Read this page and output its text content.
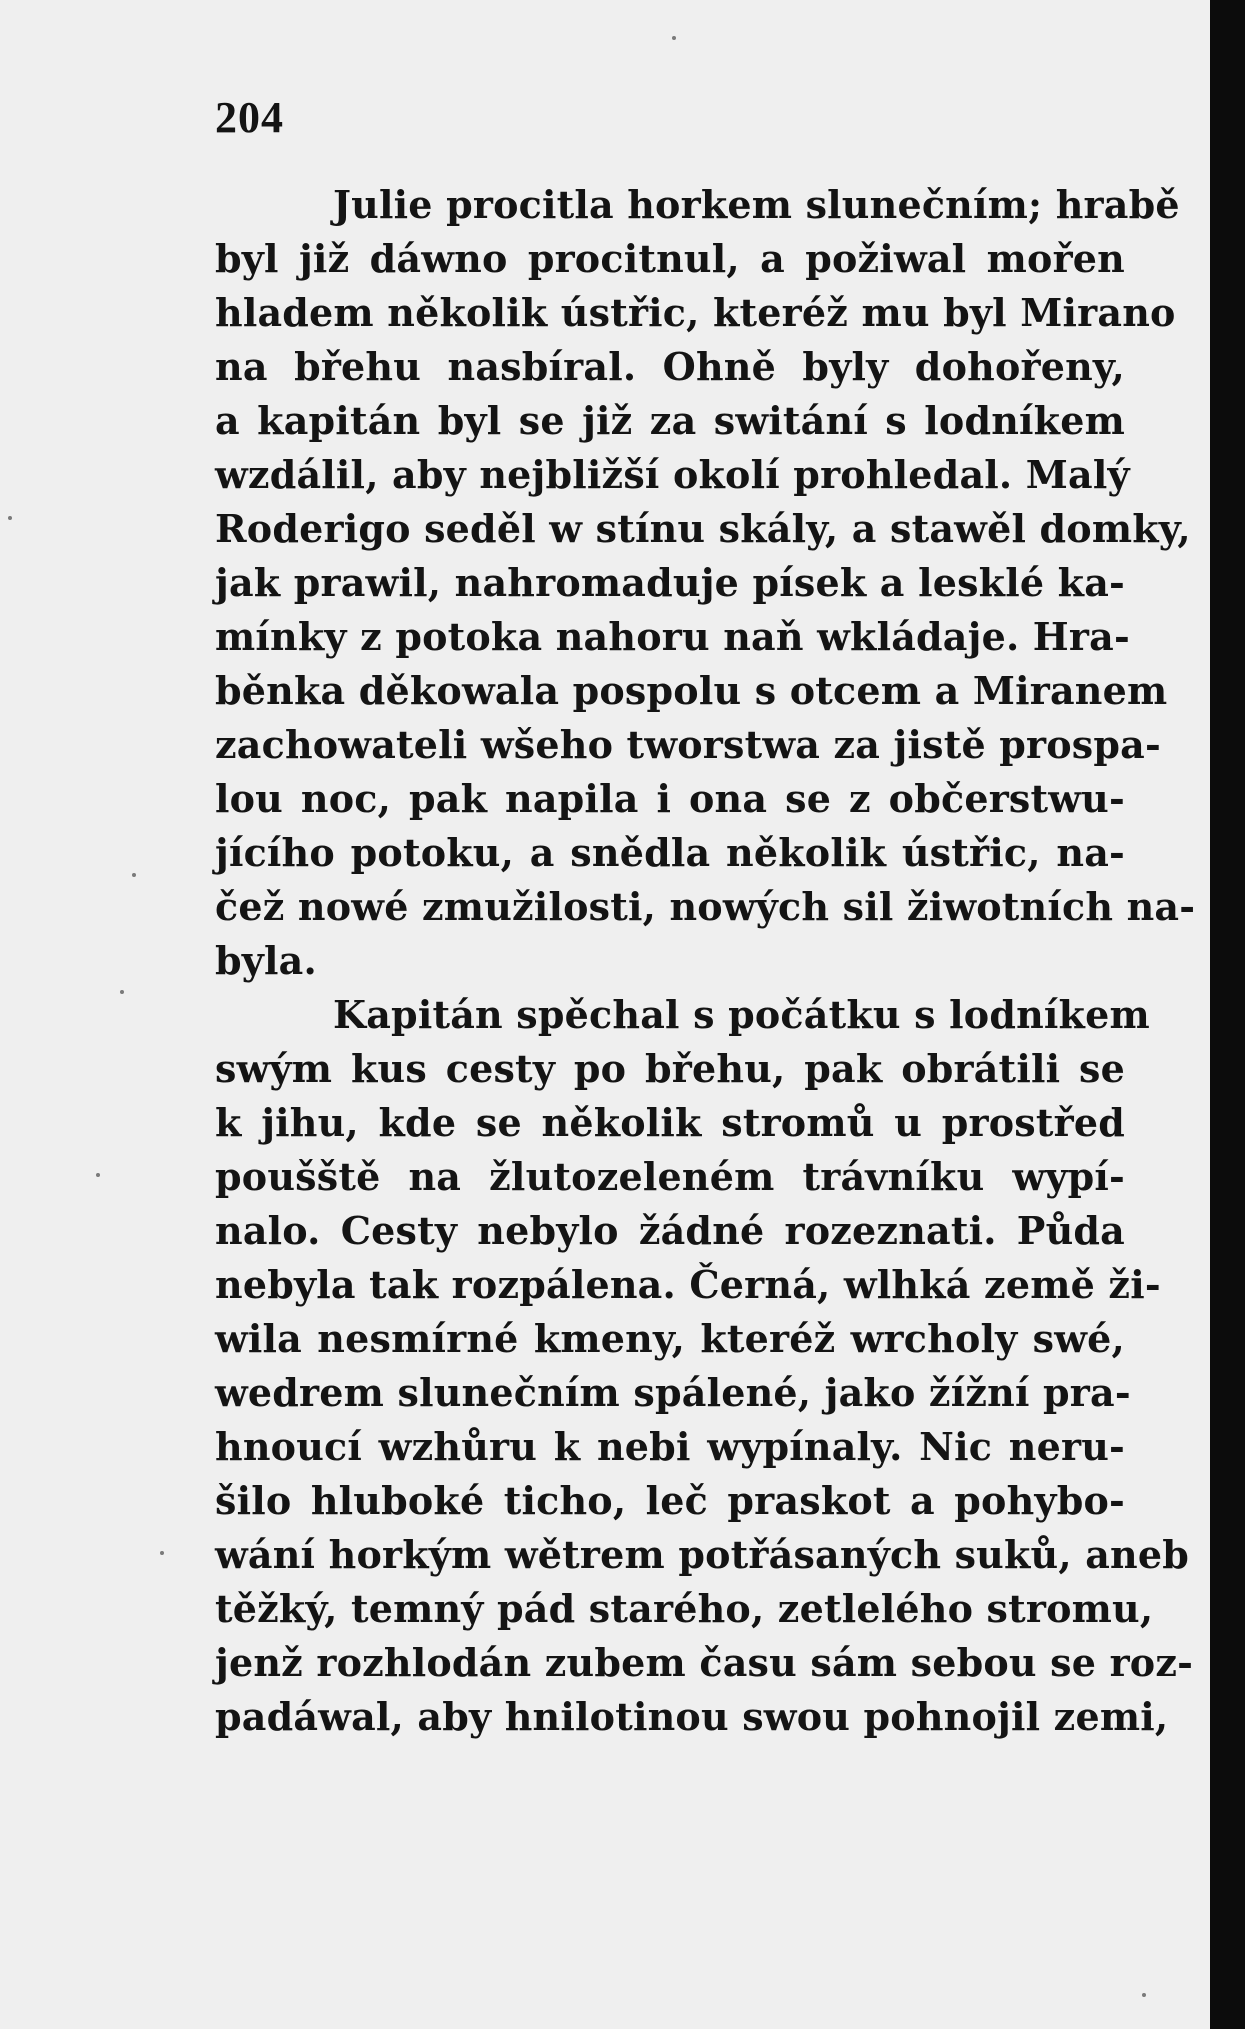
204
Julie procitla horkem slunečním; hrabě
byl již dáwno procitnul, a požiwal mořen
hladem několik ústřic, kteréž mu byl Mirano
na břehu nasbíral. Ohně byly dohořeny,
a kapitán byl se již za switání s lodníkem
wzdálil, aby nejbližší okolí prohledal. Malý
Roderigo seděl w stínu skály, a stawěl domky,
jak prawil, nahromaduje písek a lesklé ka-
mínky z potoka nahoru naň wkládaje. Hra-
běnka děkowala pospolu s otcem a Miranem
zachowateli wšeho tworstwa za jistě prospa-
lou noc, pak napila i ona se z občerstwu-
jícího potoku, a snědla několik ústřic, na-
čež nowé zmužilosti, nowých sil žiwotních na-
byla.
Kapitán spěchal s počátku s lodníkem
swým kus cesty po břehu, pak obrátili se
k jihu, kde se několik stromů u prostřed
poušště na žlutozeleném trávníku wypí-
nalo. Cesty nebylo žádné rozeznati. Půda
nebyla tak rozpálena. Černá, wlhká země ži-
wila nesmírné kmeny, kteréž wrcholy swé,
wedrem slunečním spálené, jako žížní pra-
hnoucí wzhůru k nebi wypínaly. Nic neru-
šilo hluboké ticho, leč praskot a pohybo-
wání horkým wětrem potřásaných suků, aneb
těžký, temný pád starého, zetlelého stromu,
jenž rozhlodán zubem času sám sebou se roz-
padáwal, aby hnilotinou swou pohnojil zemi,
